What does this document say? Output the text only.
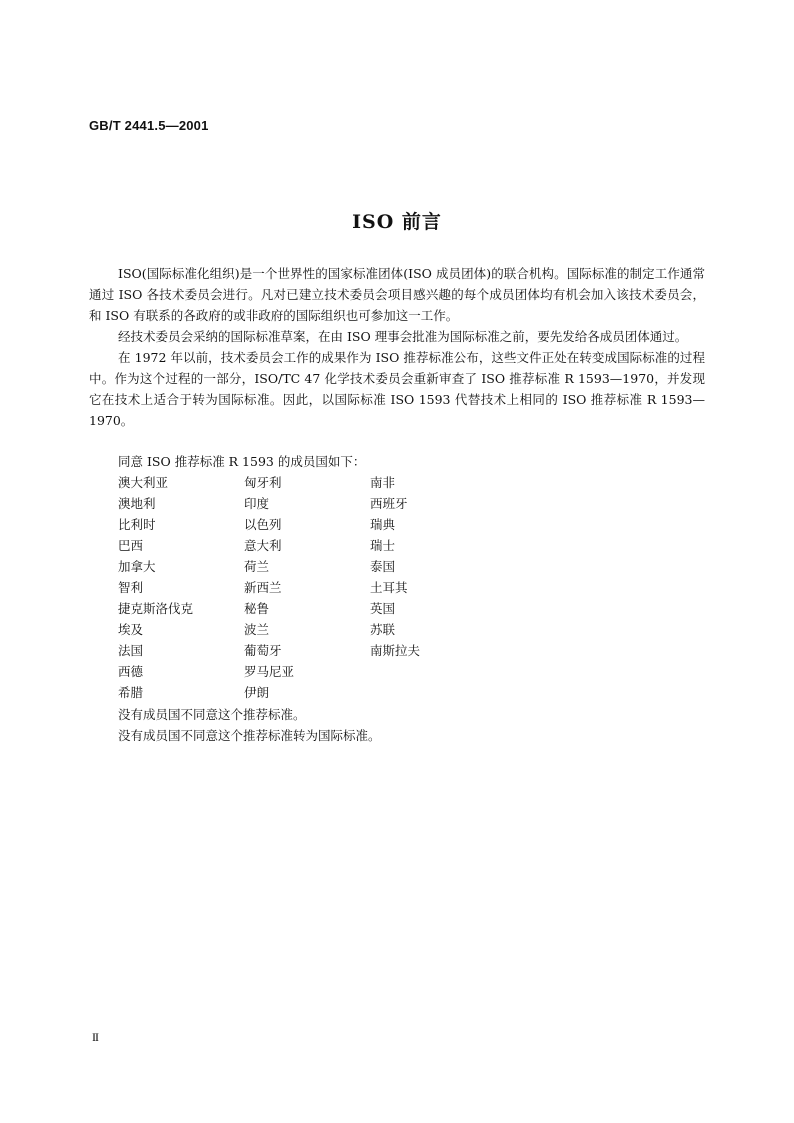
GB/T 2441.5—2001
ISO 前言

ISO(国际标准化组织)是一个世界性的国家标准团体(ISO 成员团体)的联合机构。国际标准的制定工作通常通过 ISO 各技术委员会进行。凡对已建立技术委员会项目感兴趣的每个成员团体均有机会加入该技术委员会，和 ISO 有联系的各政府的或非政府的国际组织也可参加这一工作。

经技术委员会采纳的国际标准草案，在由 ISO 理事会批准为国际标准之前，要先发给各成员团体通过。

在 1972 年以前，技术委员会工作的成果作为 ISO 推荐标准公布，这些文件正处在转变成国际标准的过程中。作为这个过程的一部分，ISO/TC 47 化学技术委员会重新审查了 ISO 推荐标准 R 1593—1970，并发现它在技术上适合于转为国际标准。因此，以国际标准 ISO 1593 代替技术上相同的 ISO 推荐标准 R 1593—1970。

同意 ISO 推荐标准 R 1593 的成员国如下：
澳大利亚	匈牙利	南非
澳地利	印度	西班牙
比利时	以色列	瑞典
巴西	意大利	瑞士
加拿大	荷兰	泰国
智利	新西兰	土耳其
捷克斯洛伐克	秘鲁	英国
埃及	波兰	苏联
法国	葡萄牙	南斯拉夫
西德	罗马尼亚
希腊	伊朗
没有成员国不同意这个推荐标准。
没有成员国不同意这个推荐标准转为国际标准。
II
